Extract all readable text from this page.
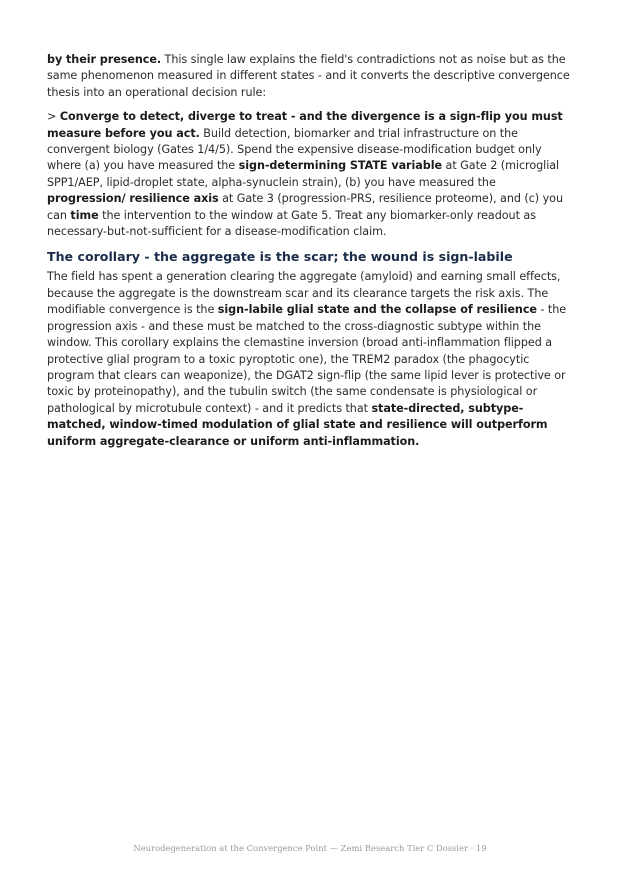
by their presence. This single law explains the field's contradictions not as noise but as the same phenomenon measured in different states - and it converts the descriptive convergence thesis into an operational decision rule:

> Converge to detect, diverge to treat - and the divergence is a sign-flip you must measure before you act. Build detection, biomarker and trial infrastructure on the convergent biology (Gates 1/4/5). Spend the expensive disease-modification budget only where (a) you have measured the sign-determining STATE variable at Gate 2 (microglial SPP1/AEP, lipid-droplet state, alpha-synuclein strain), (b) you have measured the progression/ resilience axis at Gate 3 (progression-PRS, resilience proteome), and (c) you can time the intervention to the window at Gate 5. Treat any biomarker-only readout as necessary-but-not-sufficient for a disease-modification claim.

The corollary - the aggregate is the scar; the wound is sign-labile

The field has spent a generation clearing the aggregate (amyloid) and earning small effects, because the aggregate is the downstream scar and its clearance targets the risk axis. The modifiable convergence is the sign-labile glial state and the collapse of resilience - the progression axis - and these must be matched to the cross-diagnostic subtype within the window. This corollary explains the clemastine inversion (broad anti-inflammation flipped a protective glial program to a toxic pyroptotic one), the TREM2 paradox (the phagocytic program that clears can weaponize), the DGAT2 sign-flip (the same lipid lever is protective or toxic by proteinopathy), and the tubulin switch (the same condensate is physiological or pathological by microtubule context) - and it predicts that state-directed, subtype-matched, window-timed modulation of glial state and resilience will outperform uniform aggregate-clearance or uniform anti-inflammation.

Neurodegeneration at the Convergence Point — Zemi Research Tier C Dossier · 19
